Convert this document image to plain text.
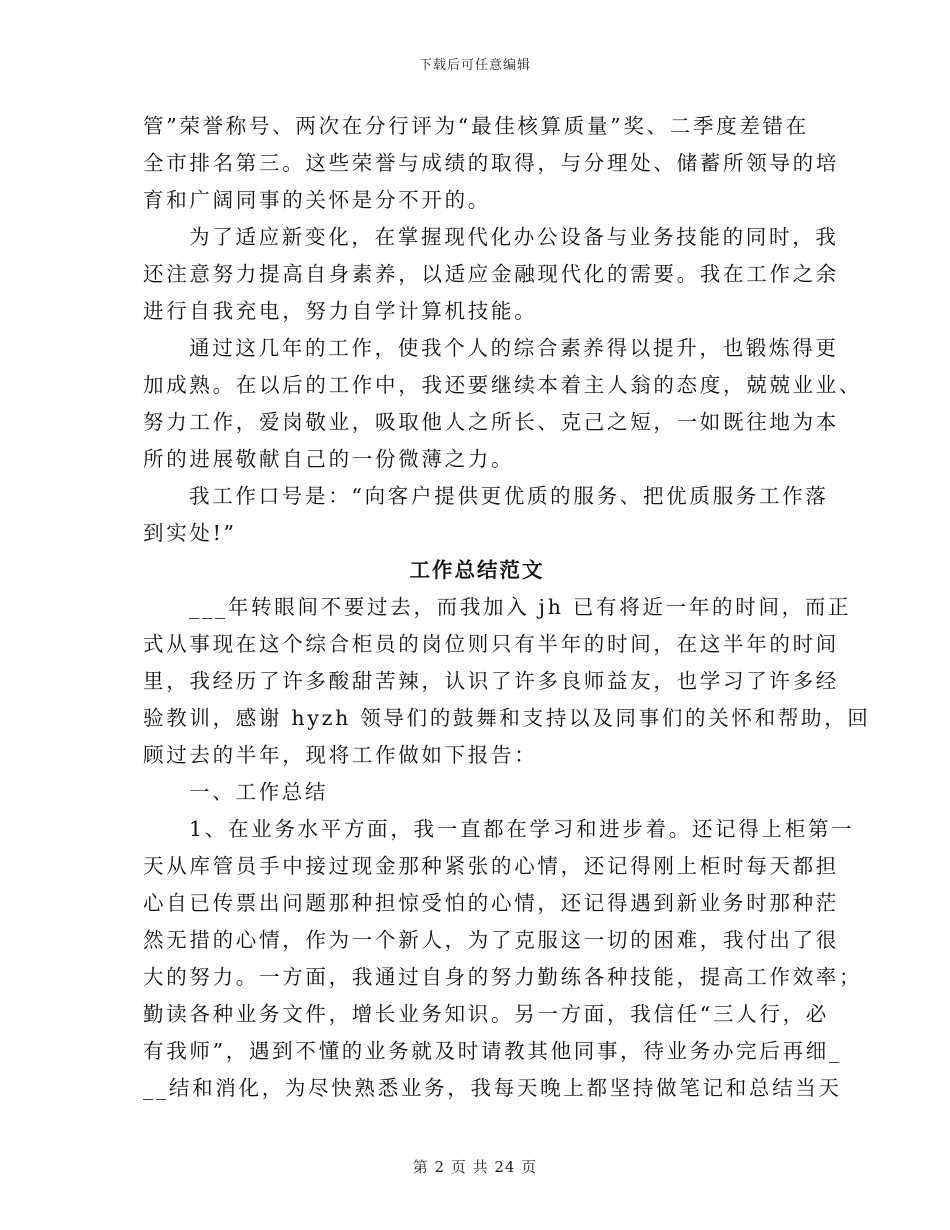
下载后可任意编辑
管”荣誉称号、两次在分行评为“最佳核算质量”奖、二季度差错在
全市排名第三。这些荣誉与成绩的取得，与分理处、储蓄所领导的培
育和广阔同事的关怀是分不开的。
为了适应新变化，在掌握现代化办公设备与业务技能的同时，我
还注意努力提高自身素养，以适应金融现代化的需要。我在工作之余
进行自我充电，努力自学计算机技能。
通过这几年的工作，使我个人的综合素养得以提升，也锻炼得更
加成熟。在以后的工作中，我还要继续本着主人翁的态度，兢兢业业、
努力工作，爱岗敬业，吸取他人之所长、克己之短，一如既往地为本
所的进展敬献自己的一份微薄之力。
我工作口号是：“向客户提供更优质的服务、把优质服务工作落
到实处!”
工作总结范文
___年转眼间不要过去，而我加入 jh 已有将近一年的时间，而正
式从事现在这个综合柜员的岗位则只有半年的时间，在这半年的时间
里，我经历了许多酸甜苦辣，认识了许多良师益友，也学习了许多经
验教训，感谢 hyzh 领导们的鼓舞和支持以及同事们的关怀和帮助，回
顾过去的半年，现将工作做如下报告：
一、工作总结
1、在业务水平方面，我一直都在学习和进步着。还记得上柜第一
天从库管员手中接过现金那种紧张的心情，还记得刚上柜时每天都担
心自已传票出问题那种担惊受怕的心情，还记得遇到新业务时那种茫
然无措的心情，作为一个新人，为了克服这一切的困难，我付出了很
大的努力。一方面，我通过自身的努力勤练各种技能，提高工作效率；
勤读各种业务文件，增长业务知识。另一方面，我信任“三人行，必
有我师”，遇到不懂的业务就及时请教其他同事，待业务办完后再细_
__结和消化，为尽快熟悉业务，我每天晚上都坚持做笔记和总结当天
第 2 页 共 24 页
